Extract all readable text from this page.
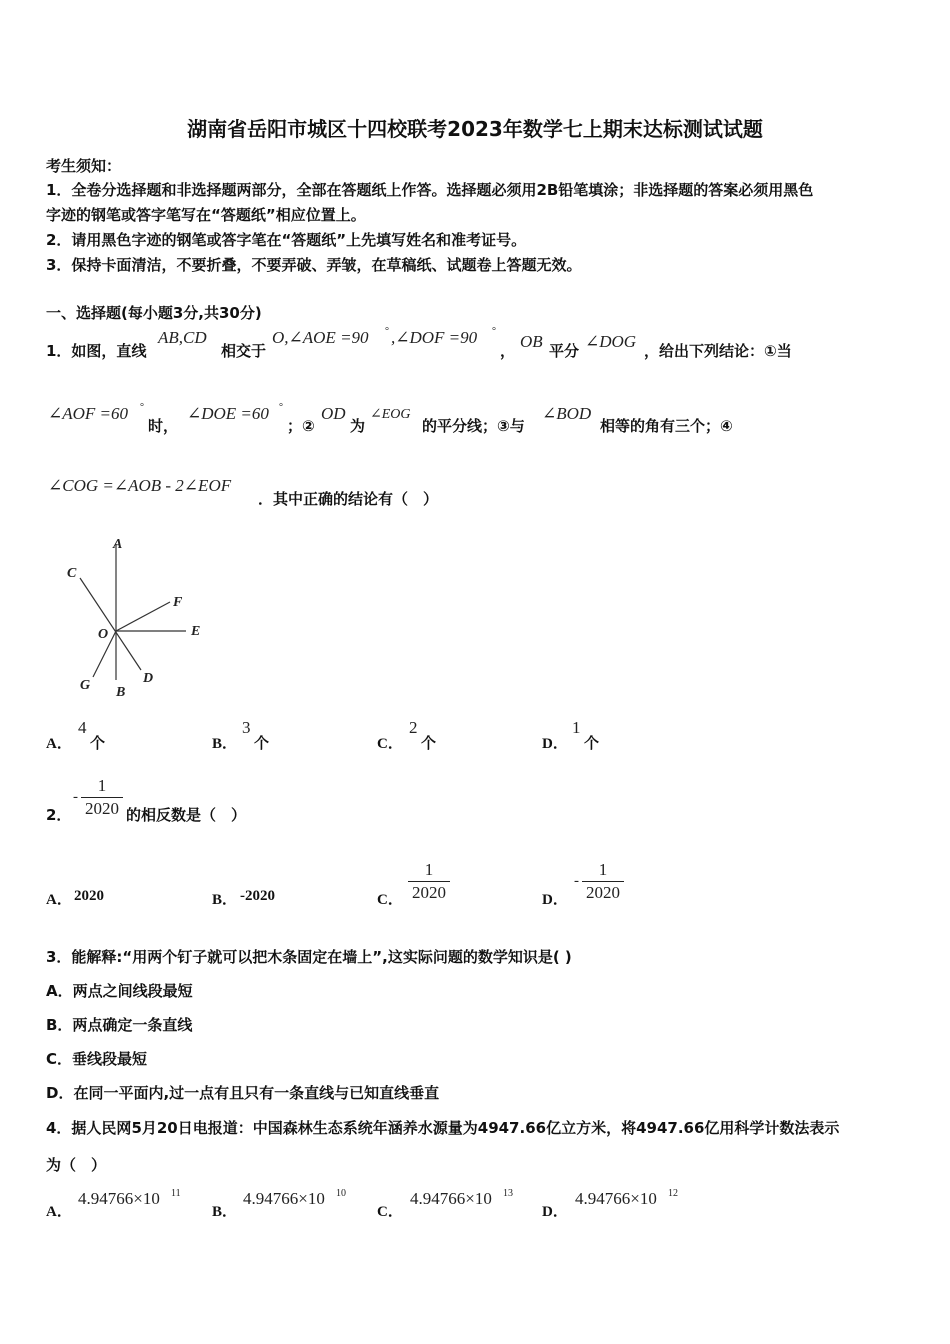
湖南省岳阳市城区十四校联考2023年数学七上期末达标测试试题
考生须知：
1．全卷分选择题和非选择题两部分，全部在答题纸上作答。选择题必须用2B铅笔填涂；非选择题的答案必须用黑色
字迹的钢笔或答字笔写在“答题纸”相应位置上。
2．请用黑色字迹的钢笔或答字笔在“答题纸”上先填写姓名和准考证号。
3．保持卡面清洁，不要折叠，不要弄破、弄皱，在草稿纸、试题卷上答题无效。
一、选择题(每小题3分,共30分)
1．如图，直线
AB,CD
相交于
O,∠AOE =90 ° ,∠DOF =90 °
， OB 平分 ∠DOG ，给出下列结论：①当
∠AOF =60 °
时，
∠DOE =60 °
；②
OD
为
∠EOG
的平分线；③与
∠BOD
相等的角有三个；④
∠COG =∠AOB - 2∠EOF
．其中正确的结论有（　）
A
B
C
D
E
F
G
O
A．
4
个	B．
3
个	C．
2
个	D．
1
个
2．
-
1
2020 的相反数是（　）
A． 2020	B． -2020	C．
1
2020	D．
-
1
2020
3．能解释:“用两个钉子就可以把木条固定在墙上”,这实际问题的数学知识是( )
A．两点之间线段最短
B．两点确定一条直线
C．垂线段最短
D．在同一平面内,过一点有且只有一条直线与已知直线垂直
4．据人民网5月20日电报道：中国森林生态系统年涵养水源量为4947.66亿立方米，将4947.66亿用科学计数法表示
为（　）
A．
4.94766×10 11
B．
4.94766×10 10
C．
4.94766×10 13
D．
4.94766×10 12
